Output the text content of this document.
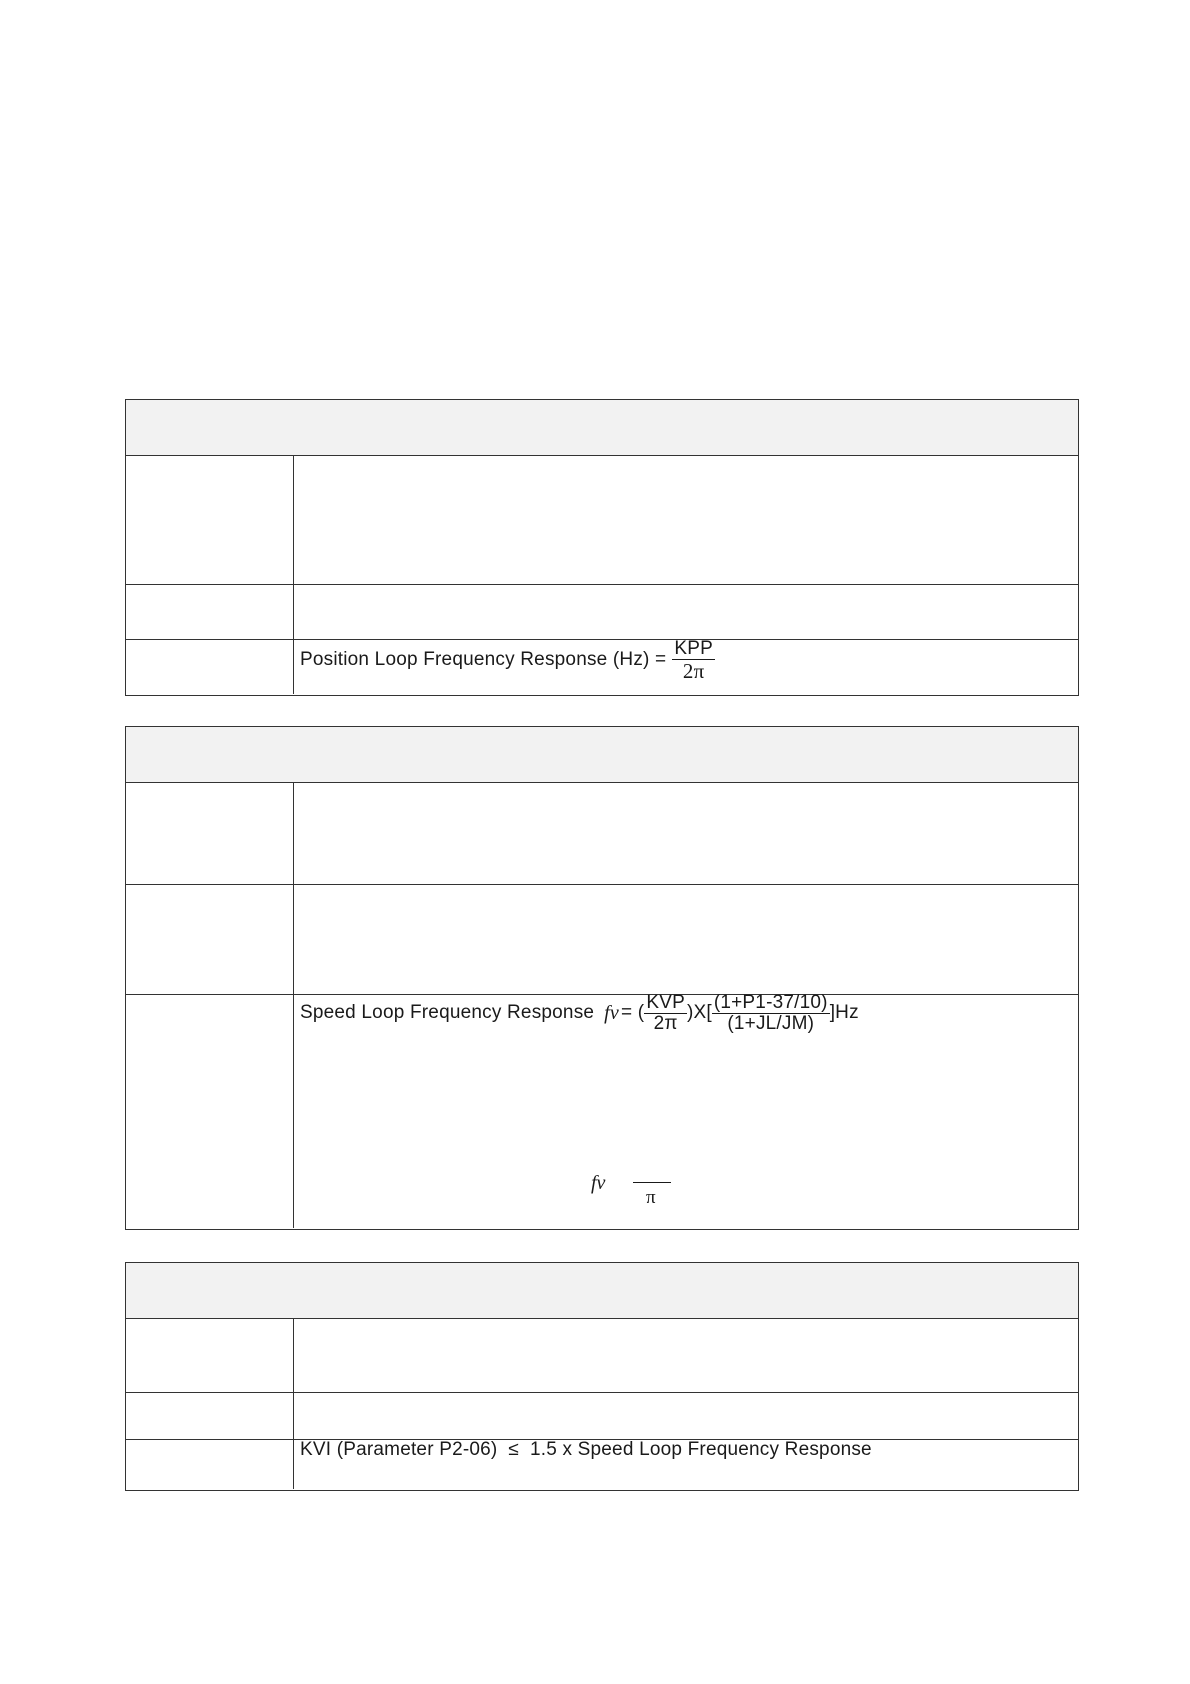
Position Loop Frequency Response $(Hz) = \frac{\text{KPP}}{2\pi}$
Speed Loop Frequency Response fv = ( $\frac{\text{KVP}}{2\pi} )X[ \frac{(1+P1-37/10)}{(1+JL/JM)} ]Hz$
fv
π
KVI (Parameter P2-06)  ≤  1.5 x Speed Loop Frequency Response
